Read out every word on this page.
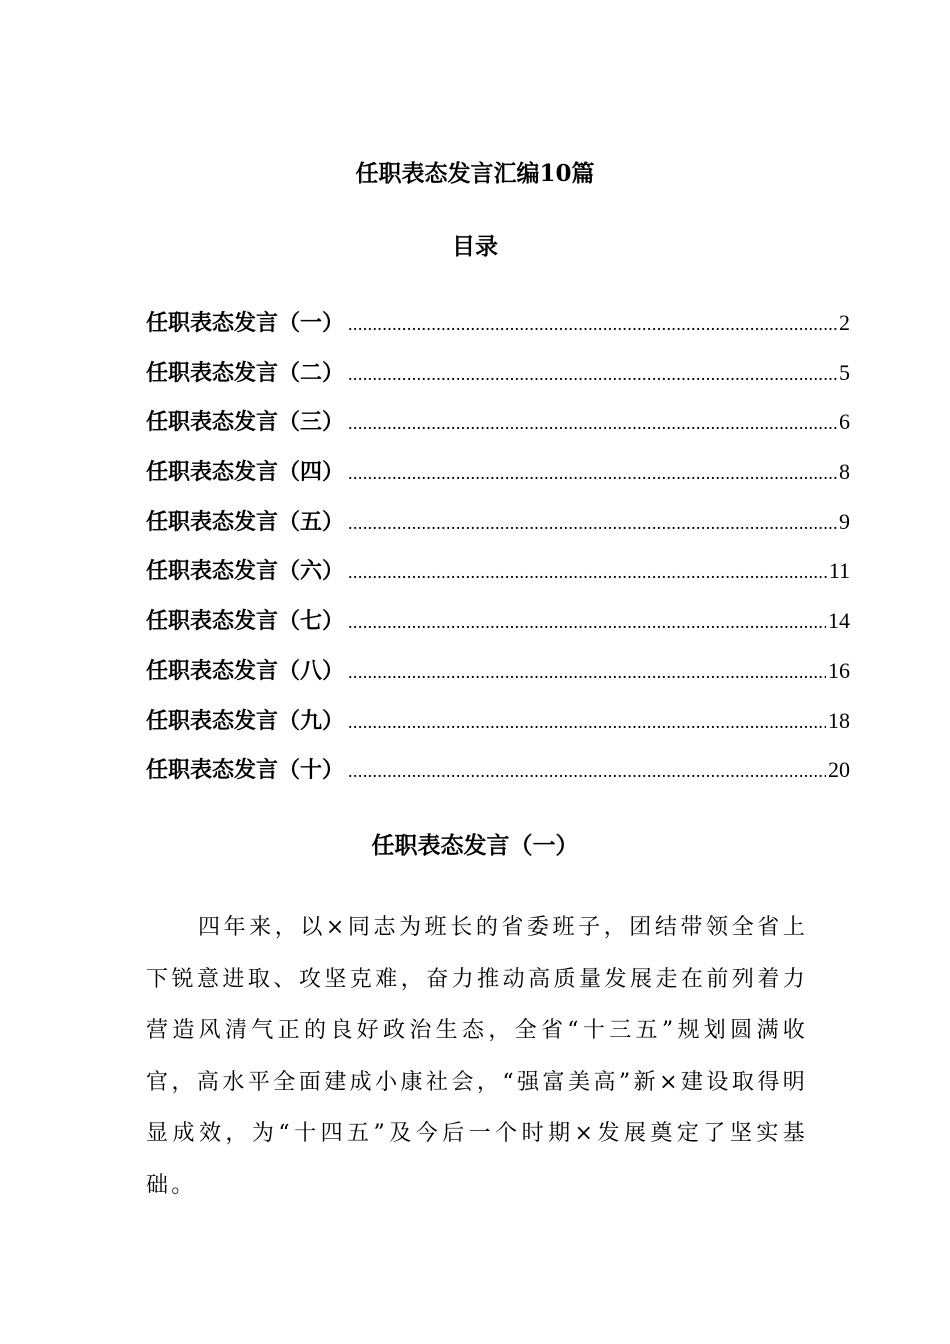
任职表态发言汇编10篇
目录
任职表态发言（一） .....	2
任职表态发言（二） .....	5
任职表态发言（三） .....	6
任职表态发言（四） .....	8
任职表态发言（五） .....	9
任职表态发言（六） .....	11
任职表态发言（七） .....	14
任职表态发言（八） .....	16
任职表态发言（九） .....	18
任职表态发言（十） .....	20
任职表态发言（一）

四年来，以×同志为班长的省委班子，团结带领全省上下锐意进取、攻坚克难，奋力推动高质量发展走在前列着力营造风清气正的良好政治生态，全省“十三五”规划圆满收官，高水平全面建成小康社会，“强富美高”新×建设取得明显成效，为“十四五”及今后一个时期×发展奠定了坚实基础。
